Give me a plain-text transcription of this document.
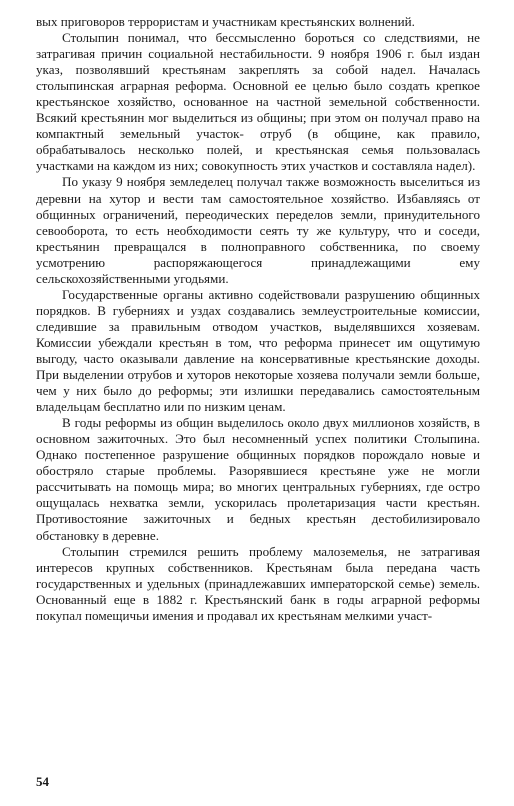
вых приговоров террористам и участникам крестьянских волнений.

Столыпин понимал, что бессмысленно бороться со следствиями, не затрагивая причин социальной нестабильности. 9 ноября 1906 г. был издан указ, позволявший крестьянам закреплять за собой надел. Началась столыпинская аграрная реформа. Основной ее целью было создать крепкое крестьянское хозяйство, основанное на частной земельной собственности. Всякий крестьянин мог выделиться из общины; при этом он получал право на компактный земельный участок- отруб (в общине, как правило, обрабатывалось несколько полей, и крестьянская семья пользовалась участками на каждом из них; совокупность этих участков и составляла надел).

По указу 9 ноября земледелец получал также возможность выселиться из деревни на хутор и вести там самостоятельное хозяйство. Избавляясь от общинных ограничений, переодических переделов земли, принудительного севооборота, то есть необходимости сеять ту же культуру, что и соседи, крестьянин превращался в полноправного собственника, по своему усмотрению распоряжающегося принадлежащими ему сельскохозяйственными угодьями.

Государственные органы активно содействовали разрушению общинных порядков. В губерниях и уздах создавались землеустроительные комиссии, следившие за правильным отводом участков, выделявшихся хозяевам. Комиссии убеждали крестьян в том, что реформа принесет им ощутимую выгоду, часто оказывали давление на консервативные крестьянские доходы. При выделении отрубов и хуторов некоторые хозяева получали земли больше, чем у них было до реформы; эти излишки передавались самостоятельным владельцам бесплатно или по низким ценам.

В годы реформы из общин выделилось около двух миллионов хозяйств, в основном зажиточных. Это был несомненный успех политики Столыпина. Однако постепенное разрушение общинных порядков порождало новые и обостряло старые проблемы. Разорявшиеся крестьяне уже не могли рассчитывать на помощь мира; во многих центральных губерниях, где остро ощущалась нехватка земли, ускорилась пролетаризация части крестьян. Противостояние зажиточных и бедных крестьян дестобилизировало обстановку в деревне.

Столыпин стремился решить проблему малоземелья, не затрагивая интересов крупных собственников. Крестьянам была передана часть государственных и удельных (принадлежавших императорской семье) земель. Основанный еще в 1882 г. Крестьянский банк в годы аграрной реформы покупал помещичьи имения и продавал их крестьянам мелкими участ-

54
